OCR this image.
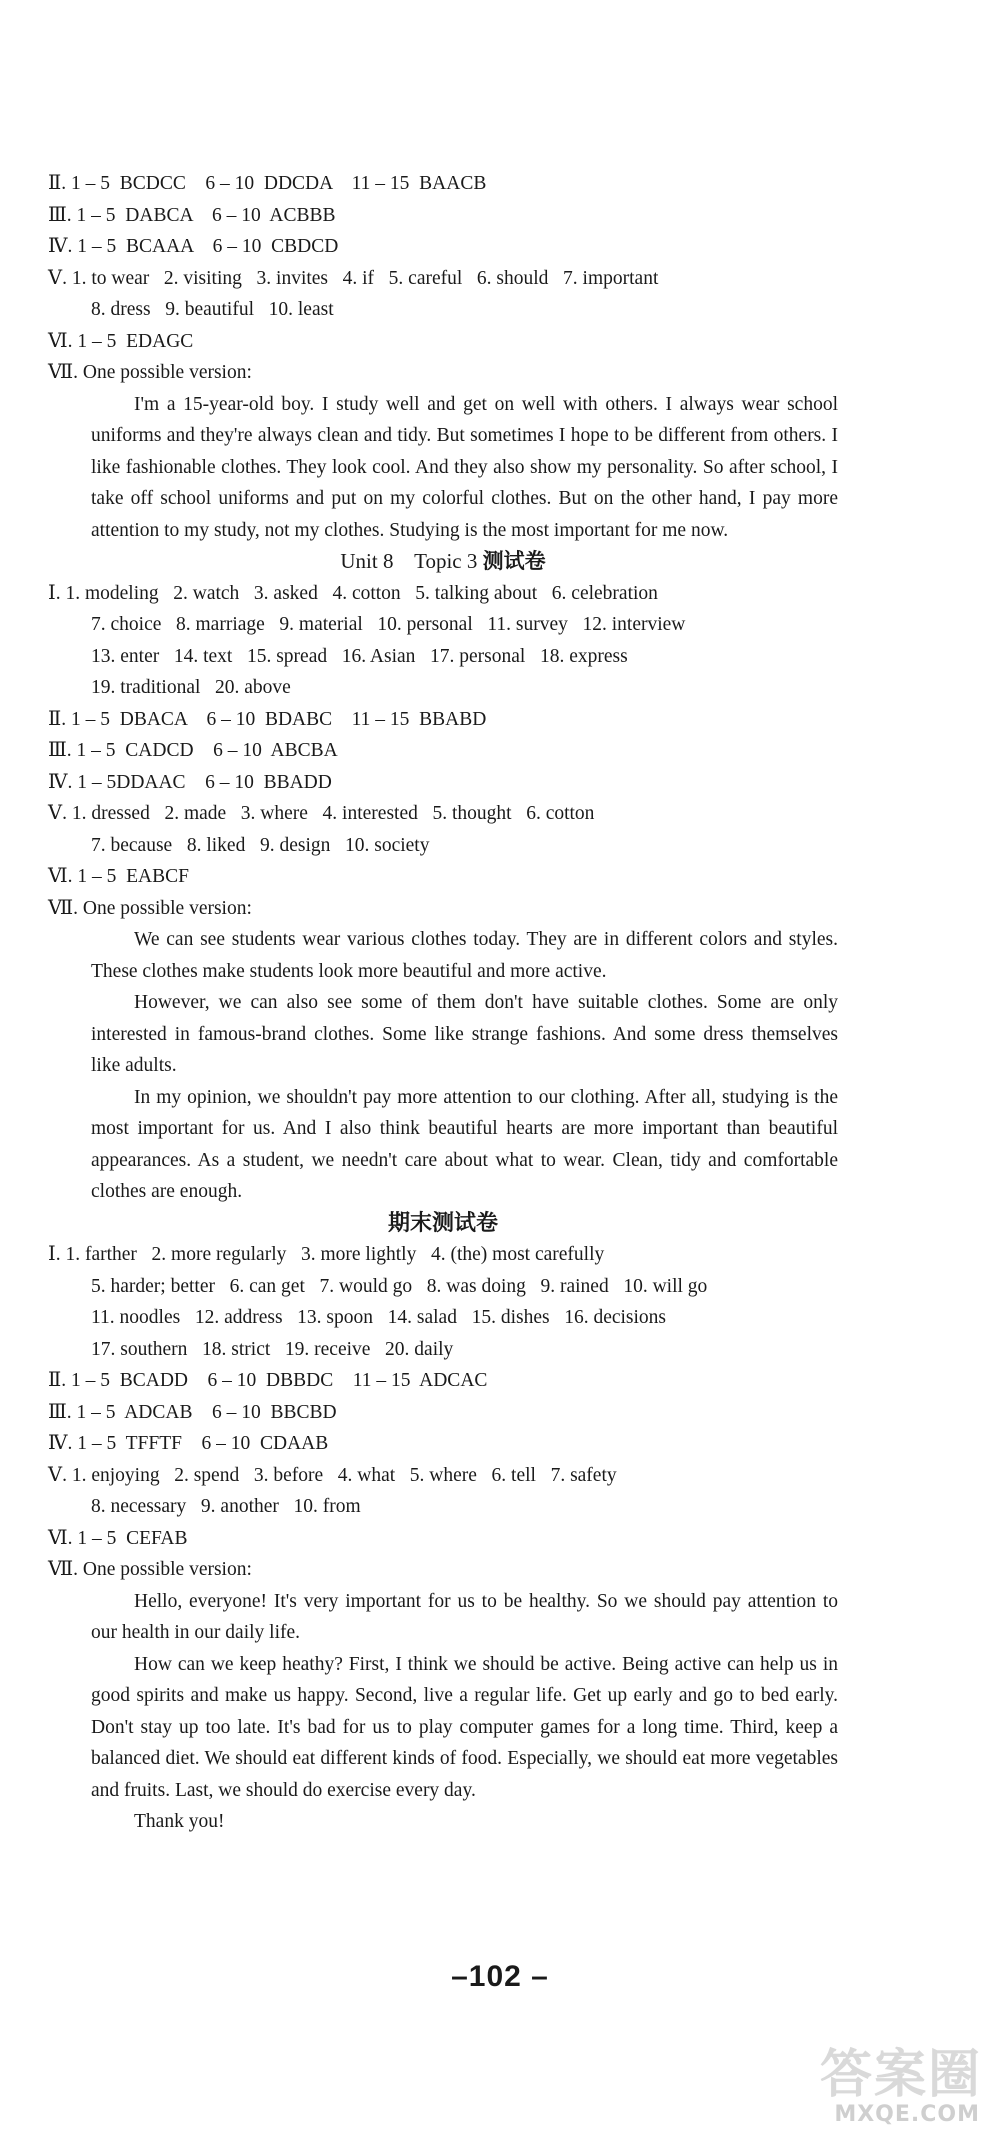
Ⅱ. 1 – 5  BCDCC    6 – 10  DDCDA    11 – 15  BAACB
Ⅲ. 1 – 5  DABCA    6 – 10  ACBBB
Ⅳ. 1 – 5  BCAAA    6 – 10  CBDCD
Ⅴ. 1. to wear   2. visiting   3. invites   4. if   5. careful   6. should   7. important
8. dress   9. beautiful   10. least
Ⅵ. 1 – 5  EDAGC
Ⅶ. One possible version:
I'm a 15-year-old boy. I study well and get on well with others. I always wear school uniforms and they're always clean and tidy. But sometimes I hope to be different from others. I like fashionable clothes. They look cool. And they also show my personality. So after school, I take off school uniforms and put on my colorful clothes. But on the other hand, I pay more attention to my study, not my clothes. Studying is the most important for me now.
Unit 8    Topic 3 测试卷
Ⅰ. 1. modeling   2. watch   3. asked   4. cotton   5. talking about   6. celebration
7. choice   8. marriage   9. material   10. personal   11. survey   12. interview
13. enter   14. text   15. spread   16. Asian   17. personal   18. express
19. traditional   20. above
Ⅱ. 1 – 5  DBACA    6 – 10  BDABC    11 – 15  BBABD
Ⅲ. 1 – 5  CADCD    6 – 10  ABCBA
Ⅳ. 1 – 5DDAAC    6 – 10  BBADD
Ⅴ. 1. dressed   2. made   3. where   4. interested   5. thought   6. cotton
7. because   8. liked   9. design   10. society
Ⅵ. 1 – 5  EABCF
Ⅶ. One possible version:
We can see students wear various clothes today. They are in different colors and styles. These clothes make students look more beautiful and more active.
However, we can also see some of them don't have suitable clothes. Some are only interested in famous-brand clothes. Some like strange fashions. And some dress themselves like adults.
In my opinion, we shouldn't pay more attention to our clothing. After all, studying is the most important for us. And I also think beautiful hearts are more important than beautiful appearances. As a student, we needn't care about what to wear. Clean, tidy and comfortable clothes are enough.
期末测试卷
Ⅰ. 1. farther   2. more regularly   3. more lightly   4. (the) most carefully
5. harder; better   6. can get   7. would go   8. was doing   9. rained   10. will go
11. noodles   12. address   13. spoon   14. salad   15. dishes   16. decisions
17. southern   18. strict   19. receive   20. daily
Ⅱ. 1 – 5  BCADD    6 – 10  DBBDC    11 – 15  ADCAC
Ⅲ. 1 – 5  ADCAB    6 – 10  BBCBD
Ⅳ. 1 – 5  TFFTF    6 – 10  CDAAB
Ⅴ. 1. enjoying   2. spend   3. before   4. what   5. where   6. tell   7. safety
8. necessary   9. another   10. from
Ⅵ. 1 – 5  CEFAB
Ⅶ. One possible version:
Hello, everyone! It's very important for us to be healthy. So we should pay attention to our health in our daily life.
How can we keep heathy? First, I think we should be active. Being active can help us in good spirits and make us happy. Second, live a regular life. Get up early and go to bed early. Don't stay up too late. It's bad for us to play computer games for a long time. Third, keep a balanced diet. We should eat different kinds of food. Especially, we should eat more vegetables and fruits. Last, we should do exercise every day.
Thank you!
–102 –
答案圈
MXQE.COM
